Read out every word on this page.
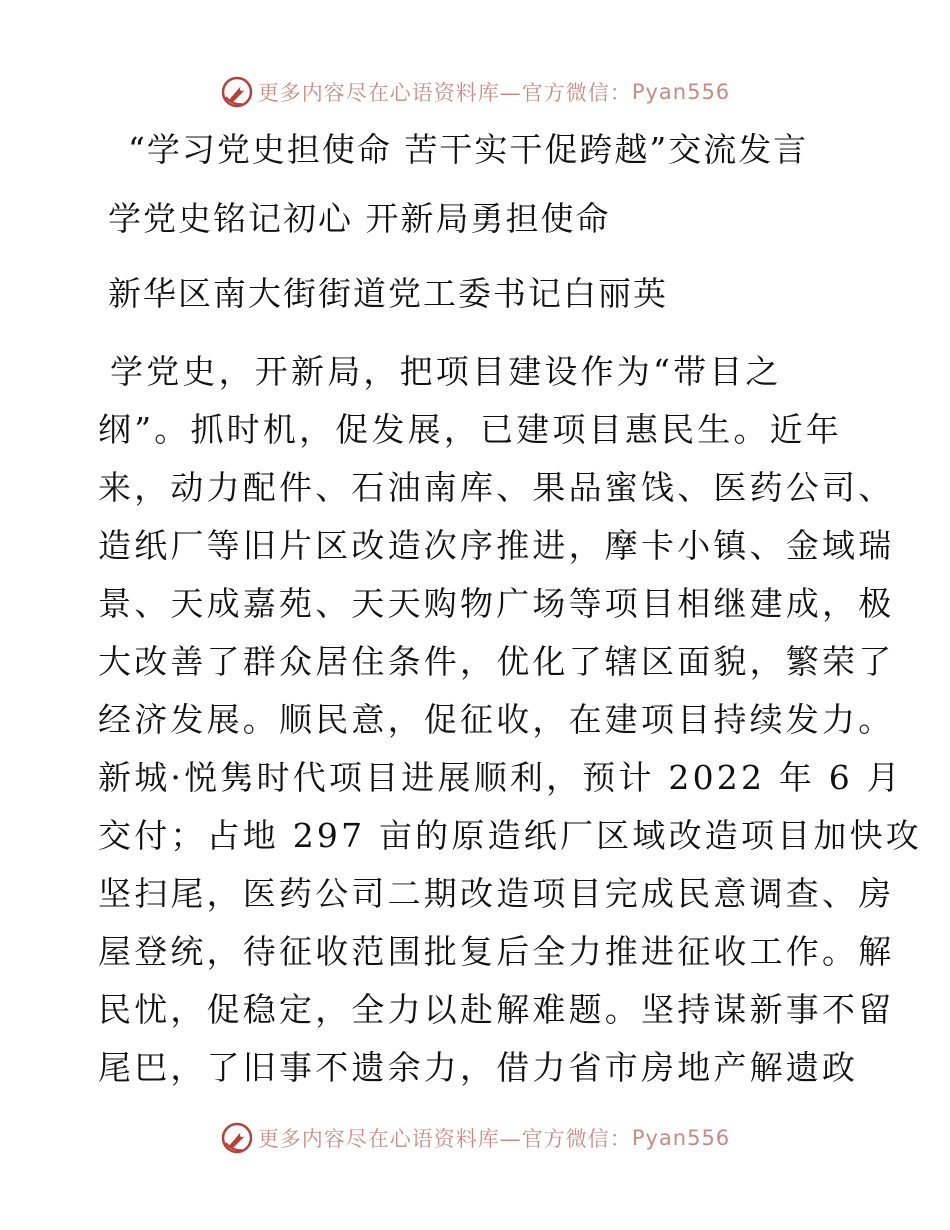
更多内容尽在心语资料库—官方微信： Pyan556
“学习党史担使命 苦干实干促跨越”交流发言
学党史铭记初心 开新局勇担使命
新华区南大街街道党工委书记白丽英
学党史，开新局，把项目建设作为“带目之
纲”。抓时机，促发展，已建项目惠民生。近年
来，动力配件、石油南库、果品蜜饯、医药公司、
造纸厂等旧片区改造次序推进，摩卡小镇、金域瑞
景、天成嘉苑、天天购物广场等项目相继建成，极
大改善了群众居住条件，优化了辖区面貌，繁荣了
经济发展。顺民意，促征收，在建项目持续发力。
新城·悦隽时代项目进展顺利，预计 2022 年 6 月
交付；占地 297 亩的原造纸厂区域改造项目加快攻
坚扫尾，医药公司二期改造项目完成民意调查、房
屋登统，待征收范围批复后全力推进征收工作。解
民忧，促稳定，全力以赴解难题。坚持谋新事不留
尾巴，了旧事不遗余力，借力省市房地产解遗政
更多内容尽在心语资料库—官方微信： Pyan556
